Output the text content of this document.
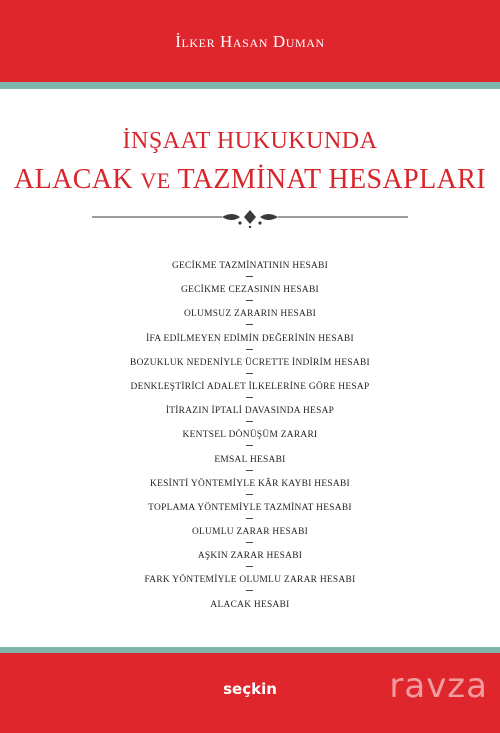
İlker Hasan Duman
İNŞAAT HUKUKUNDA
ALACAK VE TAZMİNAT HESAPLARI
GECİKME TAZMİNATININ HESABI
GECİKME CEZASININ HESABI
OLUMSUZ ZARARIN HESABI
İFA EDİLMEYEN EDİMİN DEĞERİNİN HESABI
BOZUKLUK NEDENİYLE ÜCRETTE İNDİRİM HESABI
DENKLEŞTİRİCİ ADALET İLKELERİNE GÖRE HESAP
İTİRAZIN İPTALİ DAVASINDA HESAP
KENTSEL DÖNÜŞÜM ZARARI
EMSAL HESABI
KESİNTİ YÖNTEMİYLE KÂR KAYBI HESABI
TOPLAMA YÖNTEMİYLE TAZMİNAT HESABI
OLUMLU ZARAR HESABI
AŞKIN ZARAR HESABI
FARK YÖNTEMİYLE OLUMLU ZARAR HESABI
ALACAK HESABI
seçkin	ravza
